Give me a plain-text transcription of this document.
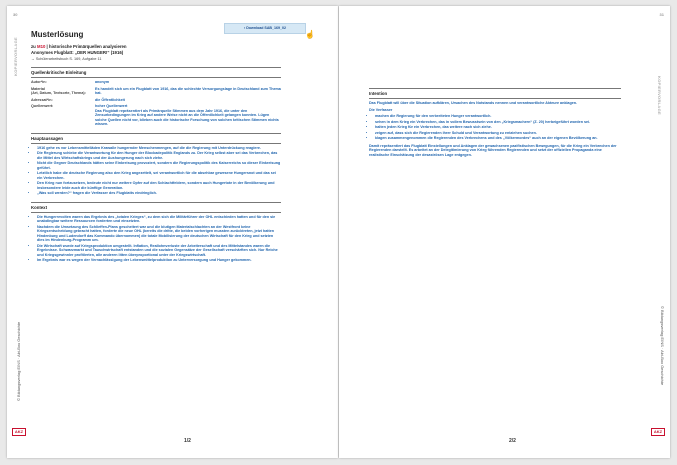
30
KOPIERVORLAGE
▪ Download SAB_169_02
☝
Musterlösung
zu M10 | historische Primärquellen analysieren
Anonymes Flugblatt: „DER HUNGER!“ (1916)
→ Schülerarbeitsbuch S. 169, Aufgabe 11
Quellenkritische Einleitung
Autor*in:	anonym
Material
(Art, Datum, Textsorte, Thema):
Es handelt sich um ein Flugblatt von 1916, das die schlechte Versorgungslage in Deutschland zum Thema hat.
Adressat*in:	die Öffentlichkeit
Quellenwert:	hoher Quellenwert
Das Flugblatt repräsentiert als Primärquelle Stimmen aus dem Jahr 1916, die unter den Zensurbedingungen im Krieg auf andere Weise nicht an die Öffentlichkeit gelangen konnten. Lügen solche Quellen nicht vor, blieben auch die historische Forschung von solchen kritischen Stimmen nichts wissen.
Hauptaussagen
• 1916 gehe es vor Lebensmittelläden Krawalle hungernder Menschenmengen, auf die die Regierung mit Unterdrückung reagiere.
• Die Regierung schiebe die Verantwortung für den Hunger der Blockadepolitik Englands zu. Der Krieg selbst aber sei das Verbrechen, das die Mittel des Wirtschaftskriegs und der Aushungerung nach sich ziehe.
• Nicht die Gegner Deutschlands hätten seine Einkreisung provoziert, sondern die Regierungspolitik des Kaiserreichs so dieser Einkreisung geführt.
• Letztlich habe die deutsche Regierung also den Krieg angezettelt, sei verantwortlich für die absehbar gewesene Hungersnot und das sei ein Verbrechen.
• Den Krieg nun fortzusetzen, bedeute nicht nur weitere Opfer auf den Schlachtfeldern, sondern auch Hungertote in der Bevölkerung und insbesondere leide auch die künftige Generation.
• „Was soll werden?“ fragen die Verfasser des Flugblatts eindringlich.
Kontext
• Die Hungerrevolten waren das Ergebnis des „totalen Krieges“, zu dem sich die Militärführer der OHL entschieden hatten und für den sie unabdingbar weitere Ressourcen forderten und einsetzten.
• Nachdem die Umsetzung des Schlieffen-Plans gescheitert war und die blutigen Materialschlachten an der Westfront keine Kriegsentscheidung gebracht hatten, forderte die neue OHL (bereits die dritte, die beiden vorherigen mussten zurücktreten, jetzt hatten Hindenburg und Ludendorff das Kommando übernommen) die totale Mobilisierung der deutschen Wirtschaft für den Krieg und setzten dies im Hindenburg-Programm um.
• Die Wirtschaft wurde auf Kriegsproduktion umgestellt. Inflation, Reallohnverluste der Arbeiterschaft und des Mittelstandes waren die Ergebnisse. Schwarzmarkt und Tauschwirtschaft entstanden und die sozialen Gegensätze der Gesellschaft verschärften sich. Nur Reiche und Kriegsgewinnler profitierten, alle anderen litten überproportional unter der Kriegswirtschaft.
• Im Ergebnis war es wegen der Vernachlässigung der Lebensmittelproduktion zu Unterversorgung und Hunger gekommen.
© Bildungsverlag EINS · Abi-Box Geschichte
AKZ
1/2
31
Intention

Das Flugblatt will über die Situation aufklären, Ursachen des Notstands nennen und verantwortliche Akteure anklagen.

Die Verfasser

• machen die Regierung für den verbreiteten Hunger verantwortlich.
• sehen in dem Krieg ein Verbrechen, das in vollem Bewusstsein von den „Kriegsmachern“ (Z. 20) herbeigeführt worden sei.
• halten jeden Krieg für ein Verbrechen, das weitere nach sich ziehe.
• zeigen auf, dass sich die Regierenden ihrer Schuld und Verantwortung zu entziehen suchen.
• klagen zusammengenommen die Regierenden des Verbrechens und des „Völkermordes“ auch an der eigenen Bevölkerung an.

Damit repräsentiert das Flugblatt Einstellungen und Anklagen der gewachsenen pazifistischen Bewegungen, für die Krieg ein Verbrechen der Regierenden darstellt. Es arbeitet an der Delegitimierung von Krieg führenden Regierenden und setzt der offiziellen Propaganda eine realistische Einschätzung der desaströsen Lage entgegen.

KOPIERVORLAGE
© Bildungsverlag EINS · Abi-Box Geschichte
AKZ
2/2
